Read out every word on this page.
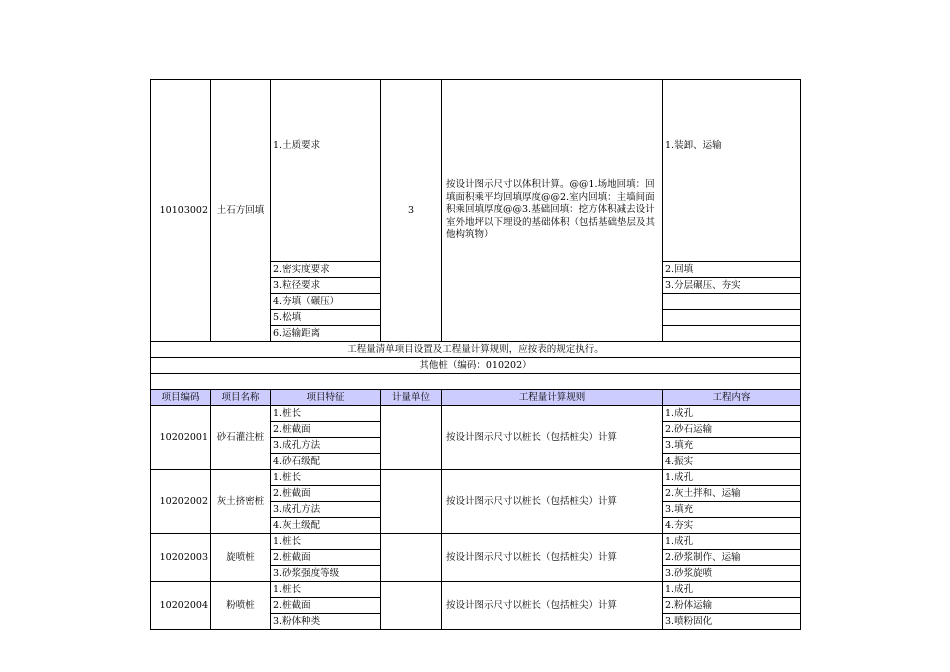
10103002	土石方回填	1.土质要求	3	按设计图示尺寸以体积计算。@@1.场地回填：回填面积乘平均回填厚度@@2.室内回填：主墙间面积乘回填厚度@@3.基础回填：挖方体积减去设计室外地坪以下埋设的基础体积（包括基础垫层及其他构筑物）	1.装卸、运输
		2.密实度要求			2.回填
		3.粒径要求			3.分层碾压、夯实
		4.夯填（碾压）			
		5.松填			
		6.运输距离			
工程量清单项目设置及工程量计算规则，应按表的规定执行。					
其他桩（编码：010202）					

项目编码	项目名称	项目特征	计量单位	工程量计算规则	工程内容
10202001	砂石灌注桩	1.桩长		按设计图示尺寸以桩长（包括桩尖）计算	1.成孔
		2.桩截面			2.砂石运输
		3.成孔方法			3.填充
		4.砂石级配			4.振实
10202002	灰土挤密桩	1.桩长		按设计图示尺寸以桩长（包括桩尖）计算	1.成孔
		2.桩截面			2.灰土拌和、运输
		3.成孔方法			3.填充
		4.灰土级配			4.夯实
10202003	旋喷桩	1.桩长		按设计图示尺寸以桩长（包括桩尖）计算	1.成孔
		2.桩截面			2.砂浆制作、运输
		3.砂浆强度等级			3.砂浆旋喷
10202004	粉喷桩	1.桩长		按设计图示尺寸以桩长（包括桩尖）计算	1.成孔
		2.桩截面			2.粉体运输
		3.粉体种类			3.喷粉固化
